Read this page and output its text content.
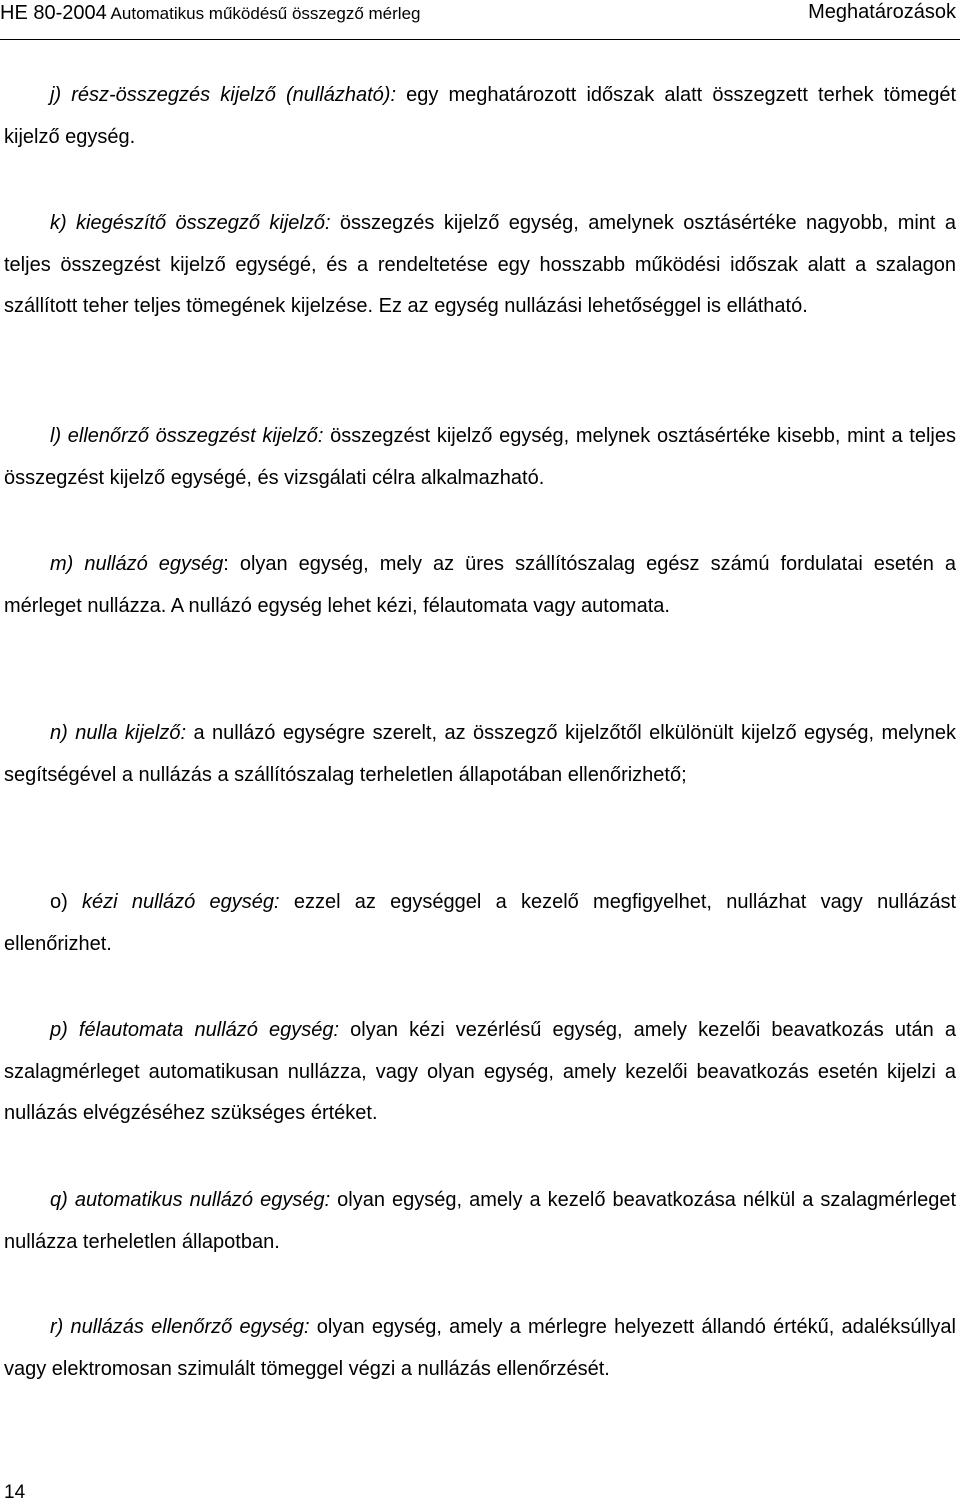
HE 80-2004 Automatikus működésű összegző mérleg	Meghatározások

j) rész-összegzés kijelző (nullázható): egy meghatározott időszak alatt összegzett terhek tömegét kijelző egység.

k) kiegészítő összegző kijelző: összegzés kijelző egység, amelynek osztásértéke nagyobb, mint a teljes összegzést kijelző egységé, és a rendeltetése egy hosszabb működési időszak alatt a szalagon szállított teher teljes tömegének kijelzése. Ez az egység nullázási lehetőséggel is ellátható.

l) ellenőrző összegzést kijelző: összegzést kijelző egység, melynek osztásértéke kisebb, mint a teljes összegzést kijelző egységé, és vizsgálati célra alkalmazható.

m) nullázó egység: olyan egység, mely az üres szállítószalag egész számú fordulatai esetén a mérleget nullázza. A nullázó egység lehet kézi, félautomata vagy automata.

n) nulla kijelző: a nullázó egységre szerelt, az összegző kijelzőtől elkülönült kijelző egység, melynek segítségével a nullázás a szállítószalag terheletlen állapotában ellenőrizhető;

o) kézi nullázó egység: ezzel az egységgel a kezelő megfigyelhet, nullázhat vagy nullázást ellenőrizhet.

p) félautomata nullázó egység: olyan kézi vezérlésű egység, amely kezelői beavatkozás után a szalagmérleget automatikusan nullázza, vagy olyan egység, amely kezelői beavatkozás esetén kijelzi a nullázás elvégzéséhez szükséges értéket.

q) automatikus nullázó egység: olyan egység, amely a kezelő beavatkozása nélkül a szalagmérleget nullázza terheletlen állapotban.

r) nullázás ellenőrző egység: olyan egység, amely a mérlegre helyezett állandó értékű, adaléksúllyal vagy elektromosan szimulált tömeggel végzi a nullázás ellenőrzését.

14
